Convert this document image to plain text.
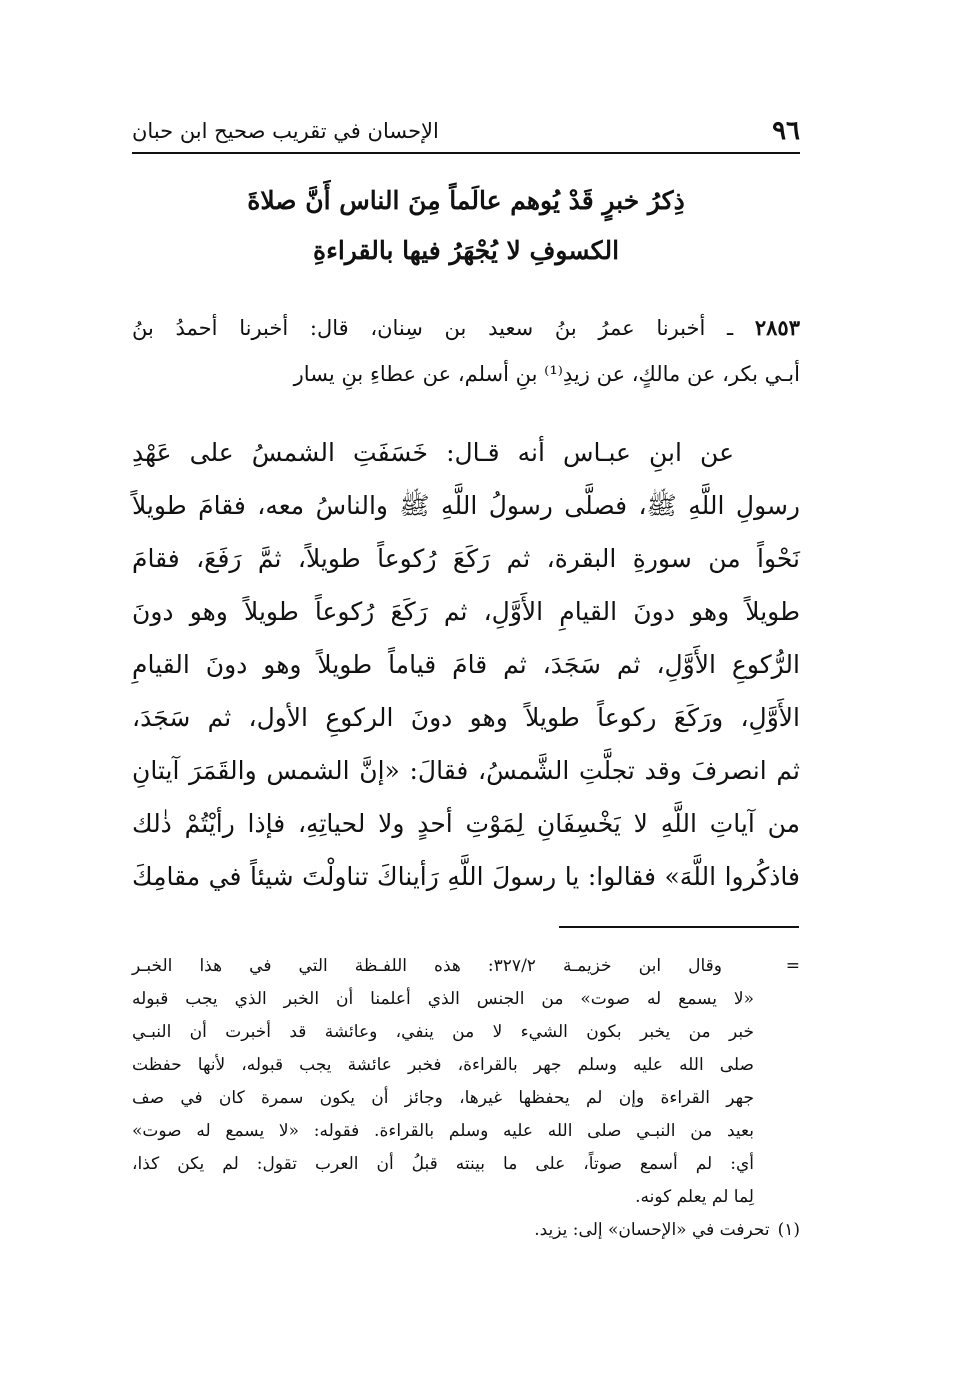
٩٦
الإحسان في تقريب صحيح ابن حبان
ذِكرُ خبرٍ قَدْ يُوهم عالَماً مِنَ الناس أَنَّ صلاةَ
الكسوفِ لا يُجْهَرُ فيها بالقراءةِ
٢٨٥٣ ـ أخبرنا عمرُ بنُ سعيد بن سِنان، قال: أخبرنا أحمدُ بنُ
أبـي بكر، عن مالكٍ، عن زيدِ⁽¹⁾ بنِ أسلم، عن عطاءِ بنِ يسار
عن ابنِ عبـاس أنه قـال: خَسَفَتِ الشمسُ على عَهْدِ
رسولِ اللَّهِ ﷺ، فصلَّى رسولُ اللَّهِ ﷺ والناسُ معه، فقامَ طويلاً
نَحْواً من سورةِ البقرة، ثم رَكَعَ رُكوعاً طويلاً، ثمَّ رَفَعَ، فقامَ
طويلاً وهو دونَ القيامِ الأَوَّلِ، ثم رَكَعَ رُكوعاً طويلاً وهو دونَ
الرُّكوعِ الأَوَّلِ، ثم سَجَدَ، ثم قامَ قياماً طويلاً وهو دونَ القيامِ
الأَوَّلِ، ورَكَعَ ركوعاً طويلاً وهو دونَ الركوعِ الأول، ثم سَجَدَ،
ثم انصرفَ وقد تجلَّتِ الشَّمسُ، فقالَ: «إنَّ الشمس والقَمَرَ آيتانِ
من آياتِ اللَّهِ لا يَخْسِفَانِ لِمَوْتِ أحدٍ ولا لحياتِهِ، فإذا رأيْتُمْ ذٰلك
فاذكُروا اللَّهَ» فقالوا: يا رسولَ اللَّهِ رَأيناكَ تناولْتَ شيئاً في مقامِكَ
=
وقال ابن خزيمـة ٣٢٧/٢: هذه اللفـظة التي في هذا الخبـر
«لا يسمع له صوت» من الجنس الذي أعلمنا أن الخبر الذي يجب قبوله
خبر من يخبر بكون الشيء لا من ينفي، وعائشة قد أخبرت أن النبـي
صلى الله عليه وسلم جهر بالقراءة، فخبر عائشة يجب قبوله، لأنها حفظت
جهر القراءة وإن لم يحفظها غيرها، وجائز أن يكون سمرة كان في صف
بعيد من النبـي صلى الله عليه وسلم بالقراءة. فقوله: «لا يسمع له صوت»
أي: لم أسمع صوتاً، على ما بينته قبلُ أن العرب تقول: لم يكن كذا،
لِما لم يعلم كونه.
(١)تحرفت في «الإحسان» إلى: يزيد.
